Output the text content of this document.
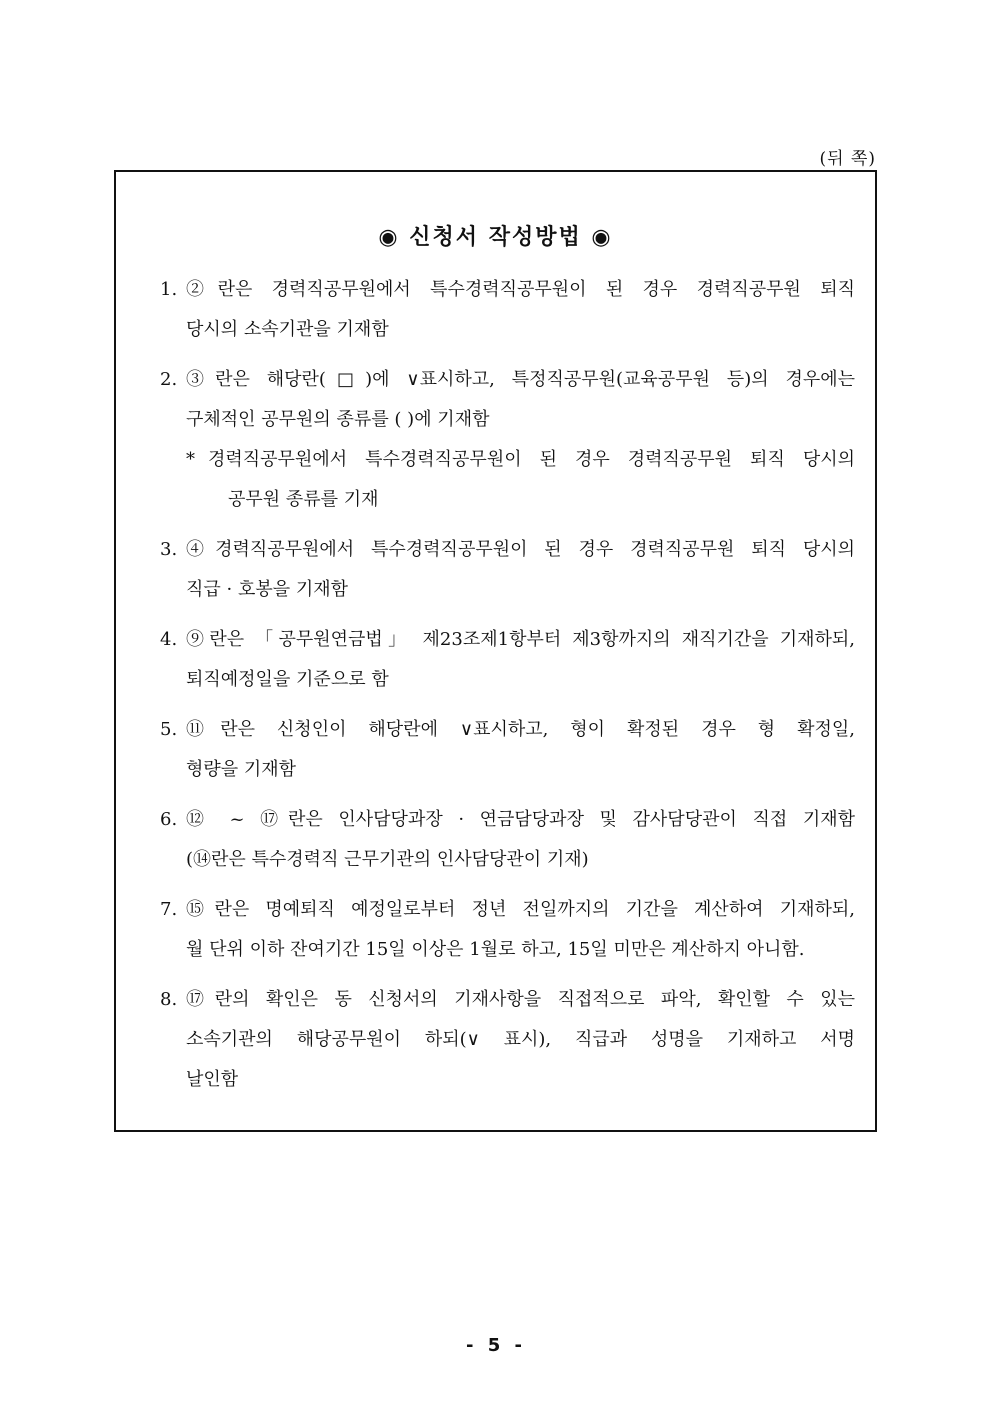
(뒤 쪽)
◉ 신청서 작성방법 ◉
1. ②란은 경력직공무원에서 특수경력직공무원이 된 경우 경력직공무원 퇴직
당시의 소속기관을 기재함
2. ③란은 해당란(□)에 ∨표시하고, 특정직공무원(교육공무원 등)의 경우에는
구체적인 공무원의 종류를 ( )에 기재함
* 경력직공무원에서 특수경력직공무원이 된 경우 경력직공무원 퇴직 당시의
공무원 종류를 기재
3. ④경력직공무원에서 특수경력직공무원이 된 경우 경력직공무원 퇴직 당시의
직급 · 호봉을 기재함
4. ⑨란은 「공무원연금법」 제23조제1항부터 제3항까지의 재직기간을 기재하되,
퇴직예정일을 기준으로 함
5. ⑪란은 신청인이 해당란에 ∨표시하고, 형이 확정된 경우 형 확정일,
형량을 기재함
6. ⑫ ~ ⑰란은 인사담당과장 · 연금담당과장 및 감사담당관이 직접 기재함
(⑭란은 특수경력직 근무기관의 인사담당관이 기재)
7. ⑮란은 명예퇴직 예정일로부터 정년 전일까지의 기간을 계산하여 기재하되,
월 단위 이하 잔여기간 15일 이상은 1월로 하고, 15일 미만은 계산하지 아니함.
8. ⑰란의 확인은 동 신청서의 기재사항을 직접적으로 파악, 확인할 수 있는
소속기관의 해당공무원이 하되(∨ 표시), 직급과 성명을 기재하고 서명
날인함
- 5 -
